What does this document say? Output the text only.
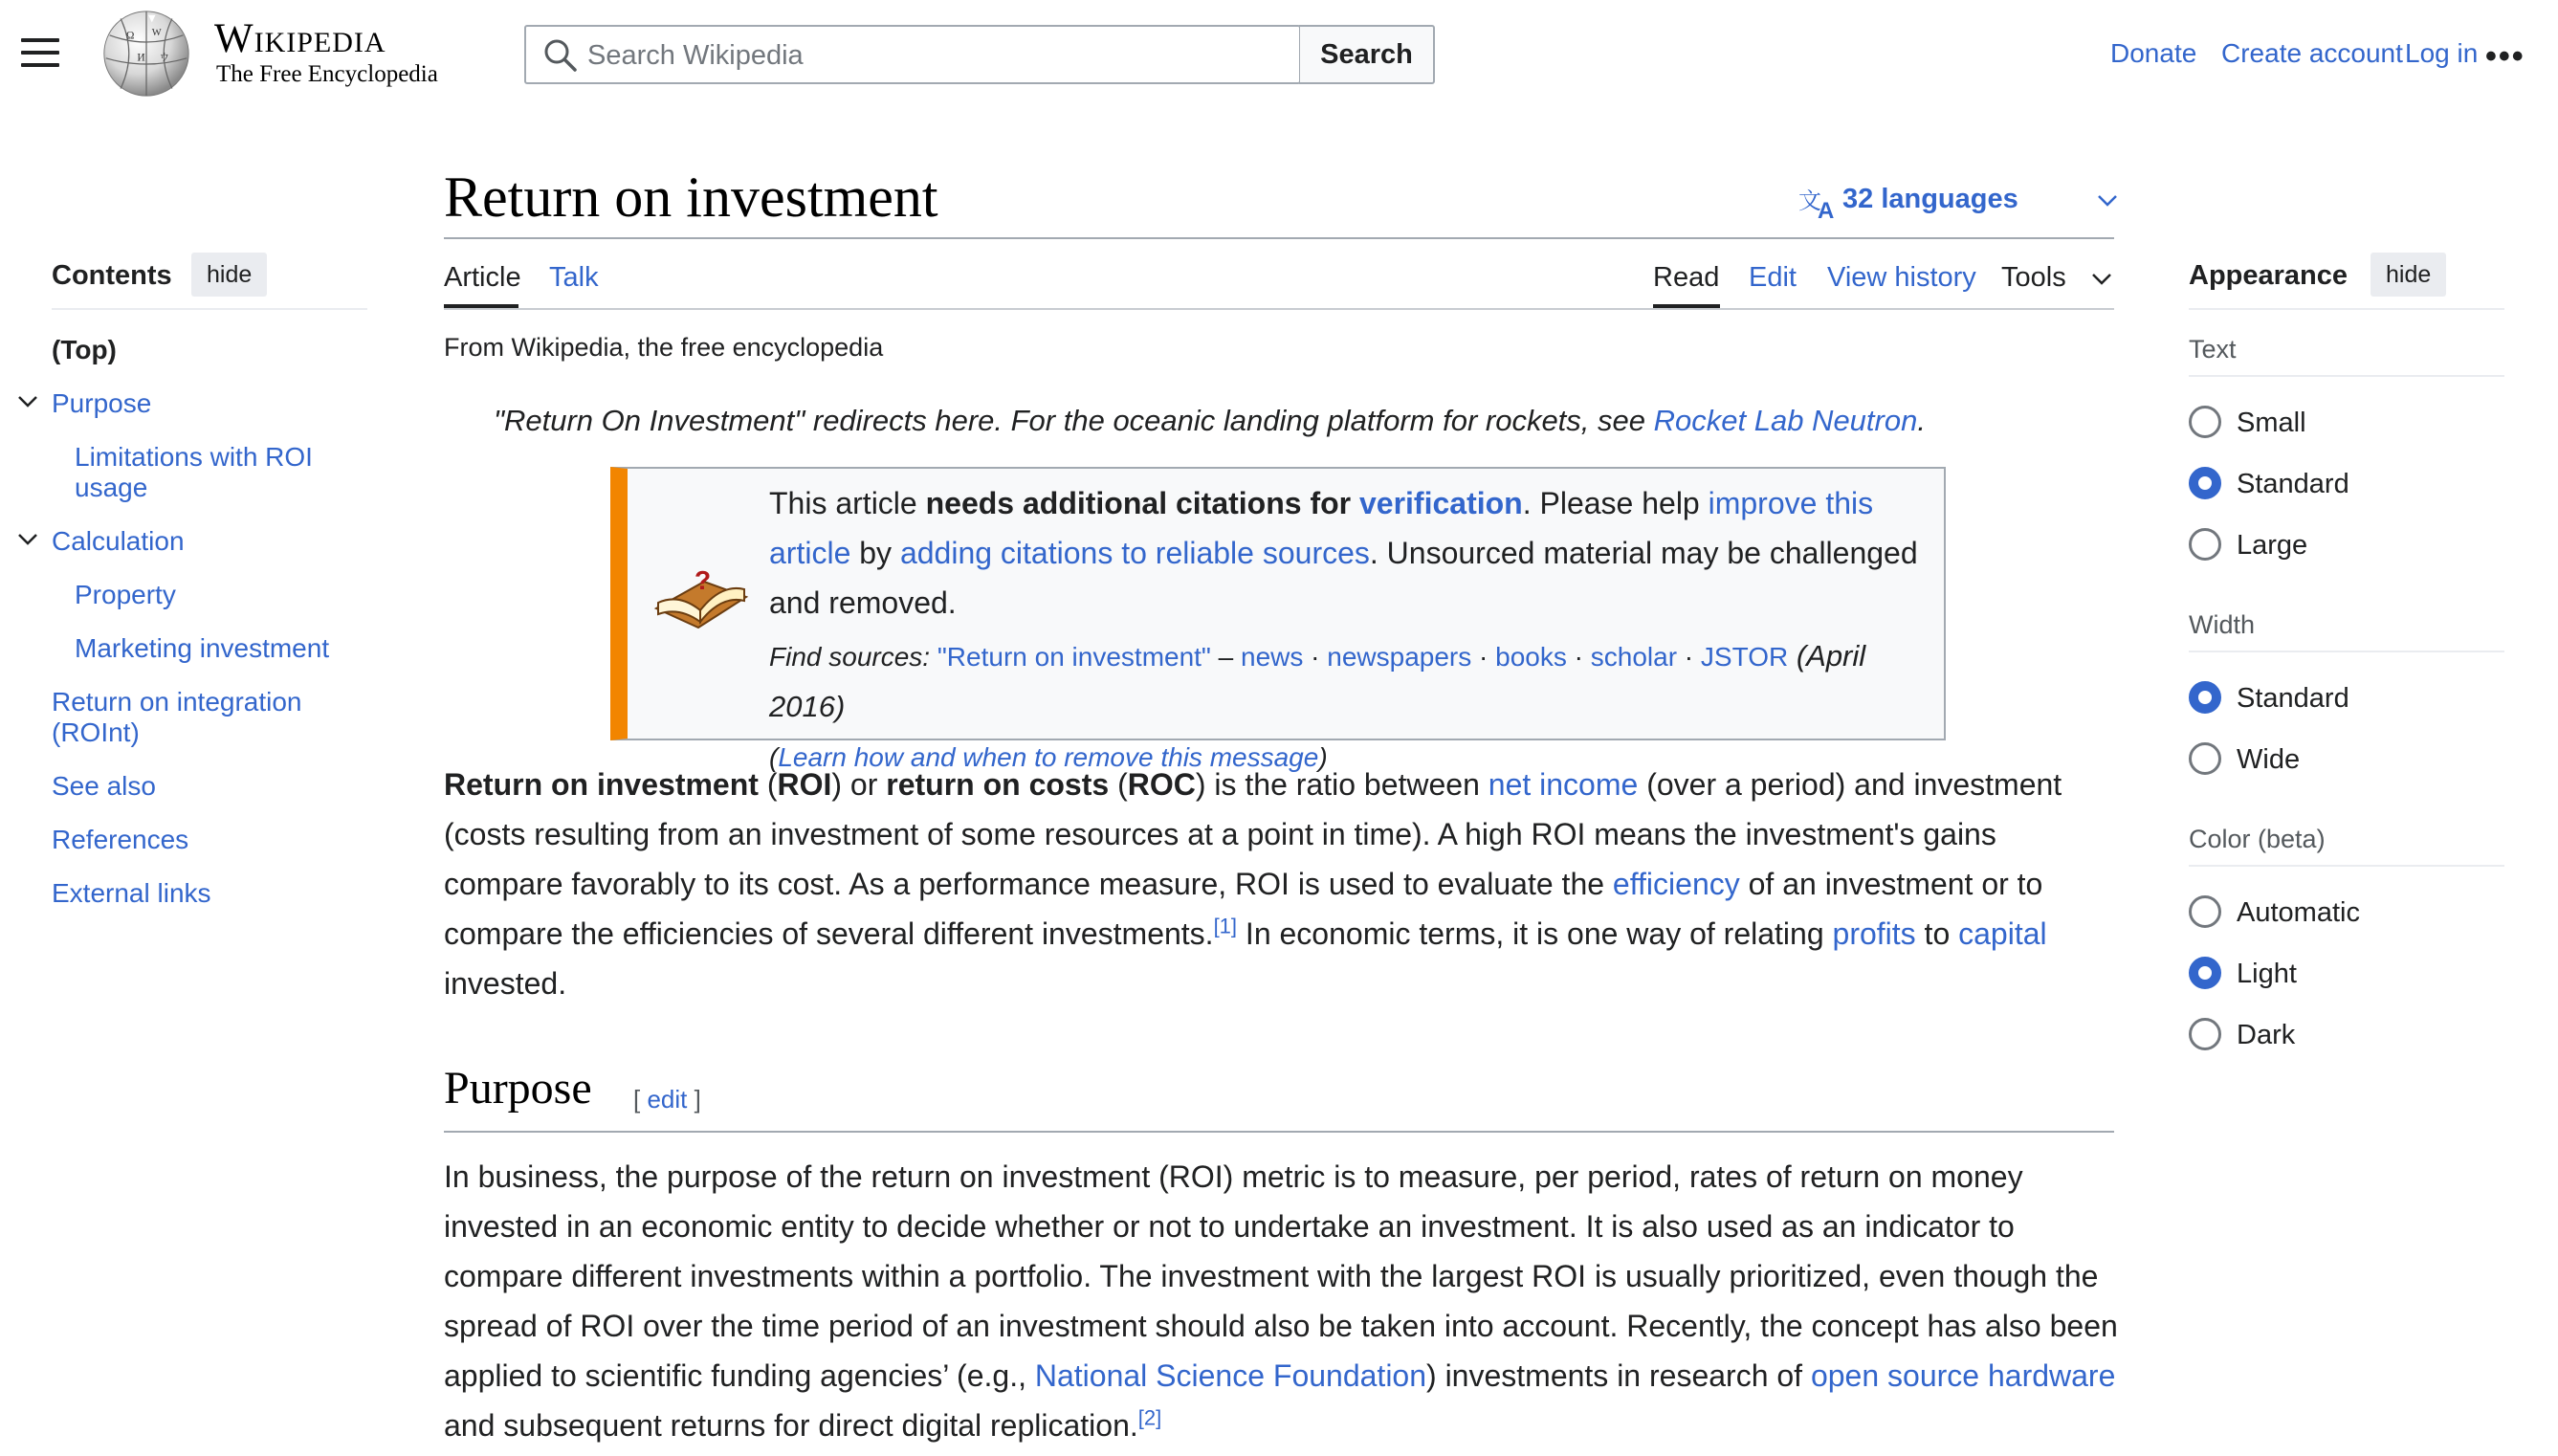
Ω W
И ウ Wikipedia
The Free Encyclopedia
Search Wikipedia
Search	Donate Create account Log in •••
Return on investment	文
A 32 languages
Article Talk	Read Edit View history Tools
Contents	hide
(Top)
Purpose
Limitations with ROI
usage
Calculation
Property
Marketing investment
Return on integration
(ROInt)
See also
References
External links
Appearance	hide
Text
Small
Standard
Large
Width
Standard
Wide
Color (beta)
Automatic
Light
Dark
From Wikipedia, the free encyclopedia
"Return On Investment" redirects here. For the oceanic landing platform for rockets, see Rocket Lab Neutron.
?
This article needs additional citations for verification. Please help improve this article by adding citations to reliable sources. Unsourced material may be challenged and removed.
Find sources: "Return on investment" – news · newspapers · books · scholar · JSTOR (April 2016)
(Learn how and when to remove this message)
Return on investment (ROI) or return on costs (ROC) is the ratio between net income (over a period) and investment (costs resulting from an investment of some resources at a point in time). A high ROI means the investment's gains compare favorably to its cost. As a performance measure, ROI is used to evaluate the efficiency of an investment or to compare the efficiencies of several different investments.[1] In economic terms, it is one way of relating profits to capital invested.
Purpose [ edit ]
In business, the purpose of the return on investment (ROI) metric is to measure, per period, rates of return on money invested in an economic entity to decide whether or not to undertake an investment. It is also used as an indicator to compare different investments within a portfolio. The investment with the largest ROI is usually prioritized, even though the spread of ROI over the time period of an investment should also be taken into account. Recently, the concept has also been applied to scientific funding agencies’ (e.g., National Science Foundation) investments in research of open source hardware and subsequent returns for direct digital replication.[2]
